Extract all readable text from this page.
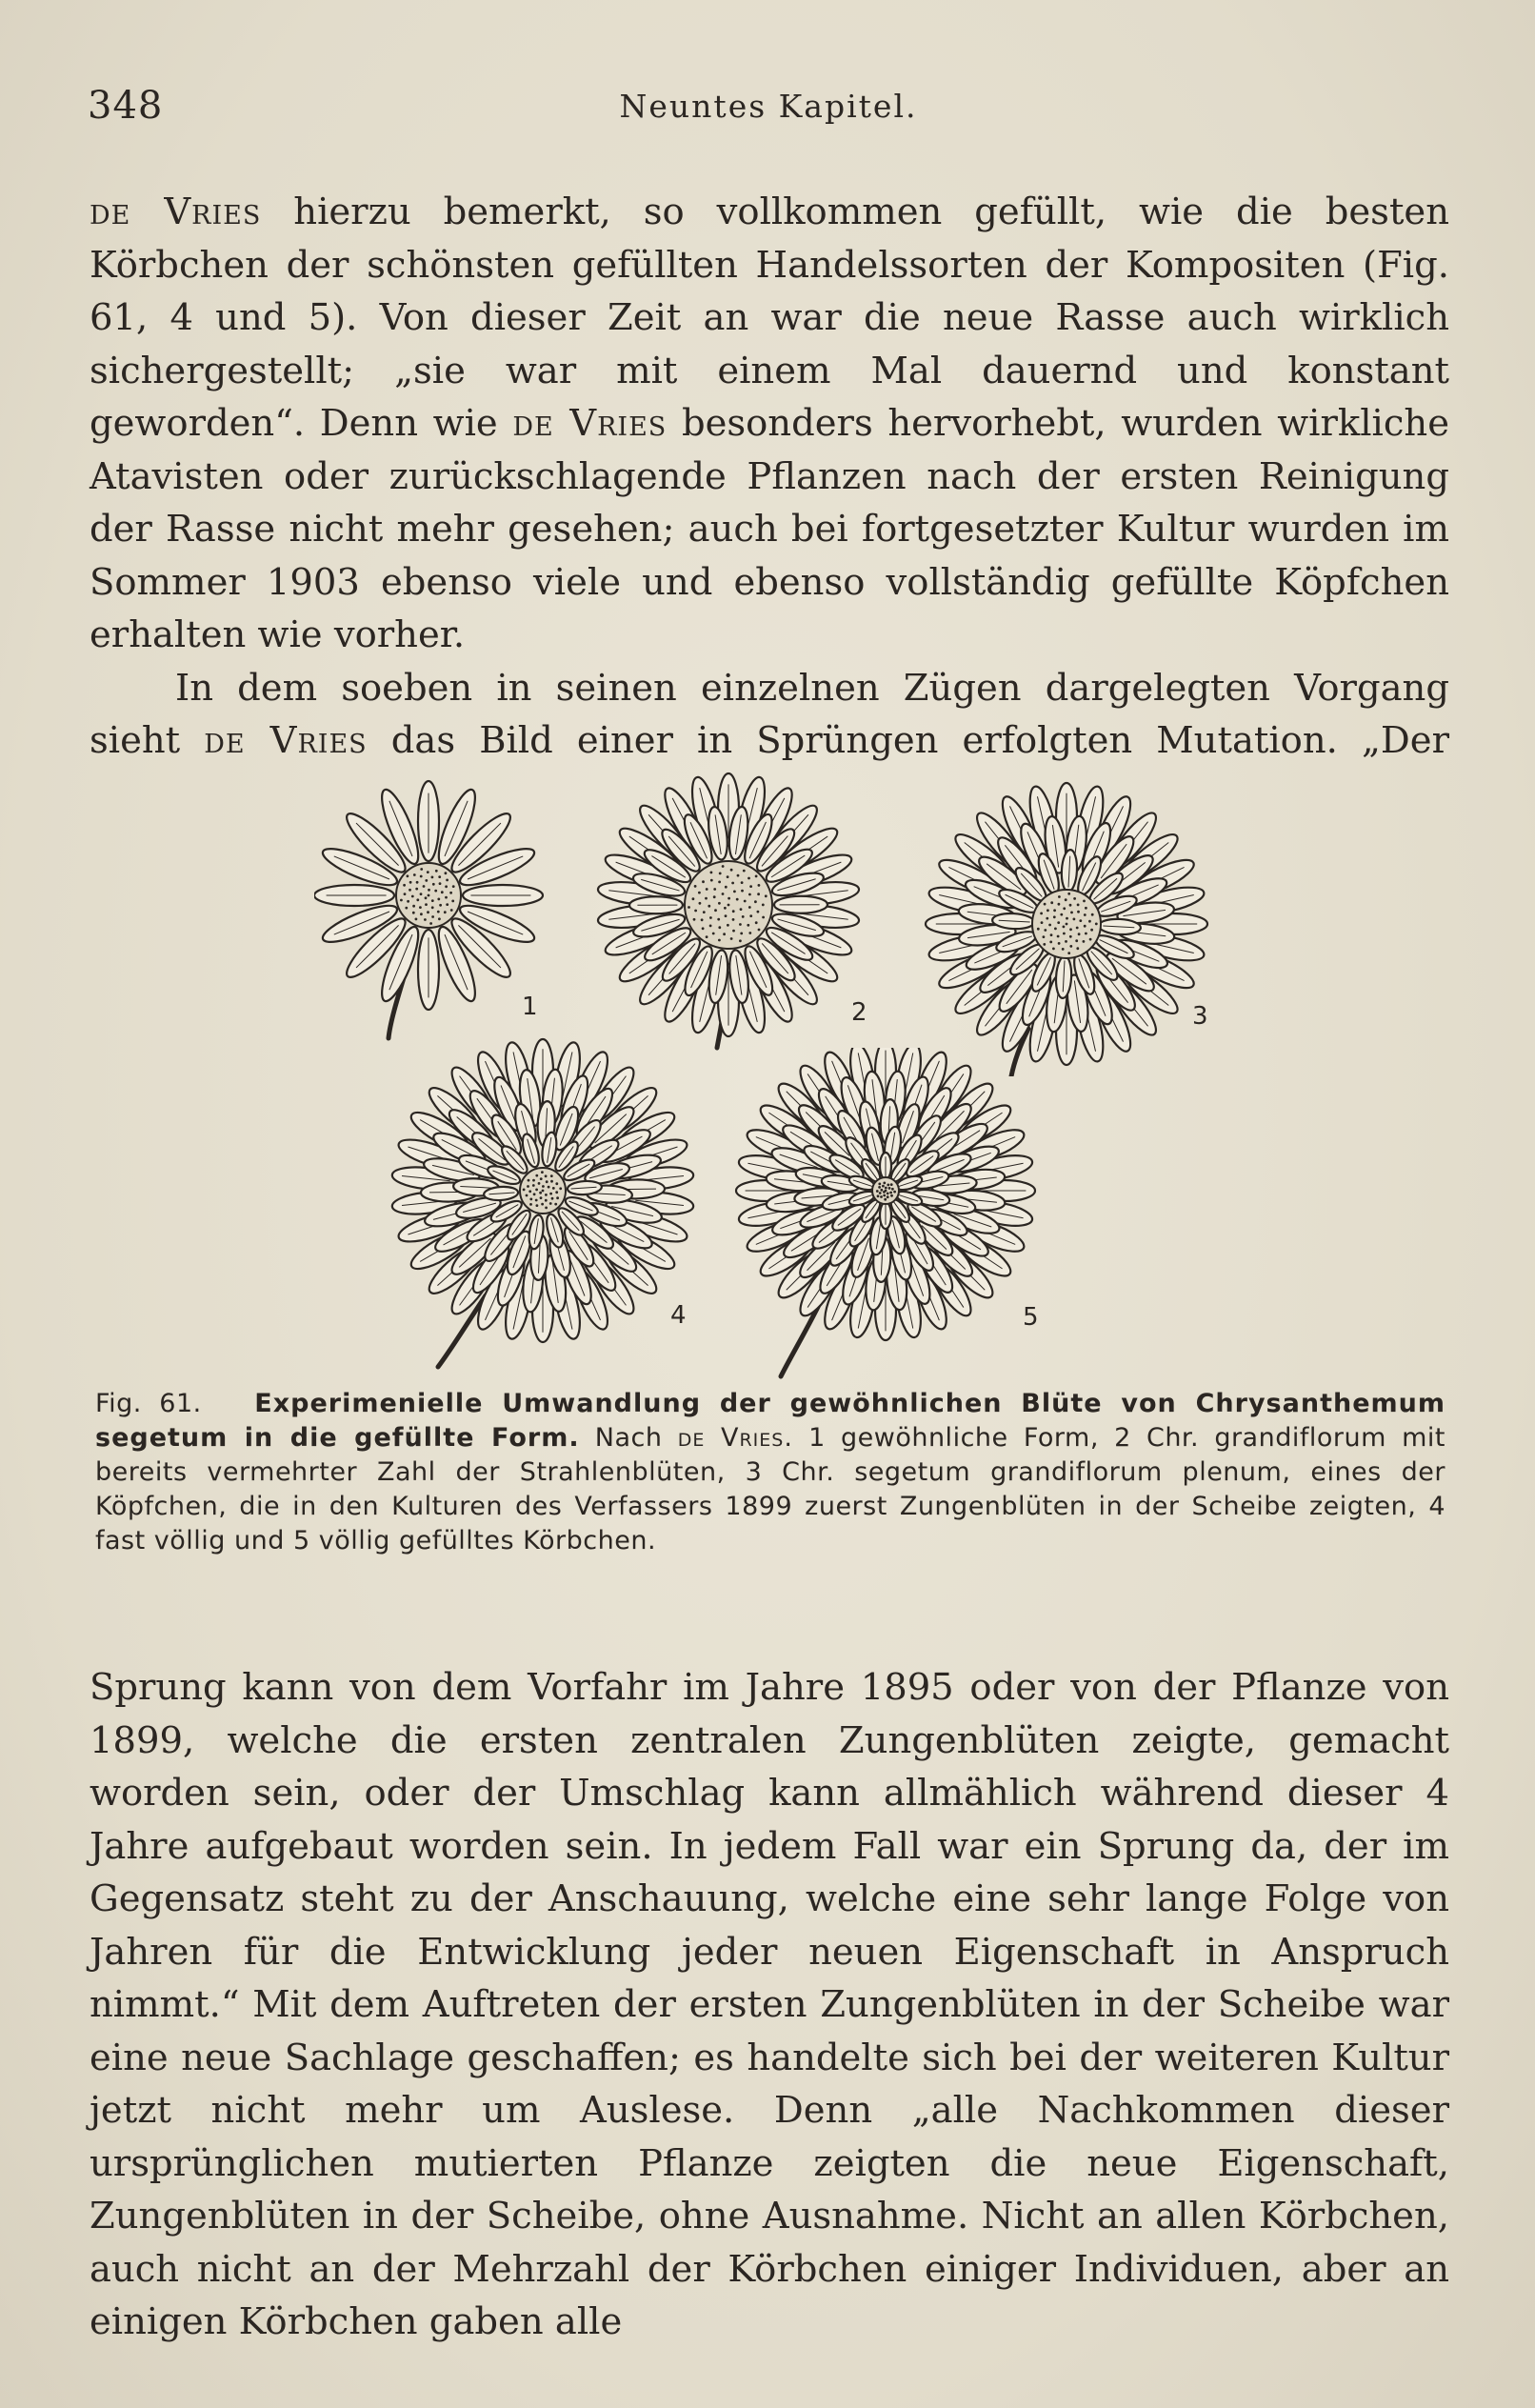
348	Neuntes Kapitel.

de Vries hierzu bemerkt, so vollkommen gefüllt, wie die besten Körbchen der schönsten gefüllten Handelssorten der Kompositen (Fig. 61, 4 und 5). Von dieser Zeit an war die neue Rasse auch wirklich sichergestellt; „sie war mit einem Mal dauernd und konstant geworden“. Denn wie de Vries besonders hervorhebt, wurden wirkliche Atavisten oder zurückschlagende Pflanzen nach der ersten Reinigung der Rasse nicht mehr gesehen; auch bei fortgesetzter Kultur wurden im Sommer 1903 ebenso viele und ebenso vollständig gefüllte Köpfchen erhalten wie vorher.

In dem soeben in seinen einzelnen Zügen dargelegten Vorgang sieht de Vries das Bild einer in Sprüngen erfolgten Mutation. „Der

1	2	3
4	5

Fig. 61. Experimenielle Umwandlung der gewöhnlichen Blüte von Chrysanthemum segetum in die gefüllte Form. Nach de Vries. 1 gewöhnliche Form, 2 Chr. grandiflorum mit bereits vermehrter Zahl der Strahlenblüten, 3 Chr. segetum grandiflorum plenum, eines der Köpfchen, die in den Kulturen des Verfassers 1899 zuerst Zungenblüten in der Scheibe zeigten, 4 fast völlig und 5 völlig gefülltes Körbchen.

Sprung kann von dem Vorfahr im Jahre 1895 oder von der Pflanze von 1899, welche die ersten zentralen Zungenblüten zeigte, gemacht worden sein, oder der Umschlag kann allmählich während dieser 4 Jahre aufgebaut worden sein. In jedem Fall war ein Sprung da, der im Gegensatz steht zu der Anschauung, welche eine sehr lange Folge von Jahren für die Entwicklung jeder neuen Eigenschaft in Anspruch nimmt.“ Mit dem Auftreten der ersten Zungenblüten in der Scheibe war eine neue Sachlage geschaffen; es handelte sich bei der weiteren Kultur jetzt nicht mehr um Auslese. Denn „alle Nachkommen dieser ursprünglichen mutierten Pflanze zeigten die neue Eigenschaft, Zungenblüten in der Scheibe, ohne Ausnahme. Nicht an allen Körbchen, auch nicht an der Mehrzahl der Körbchen einiger Individuen, aber an einigen Körbchen gaben alle
